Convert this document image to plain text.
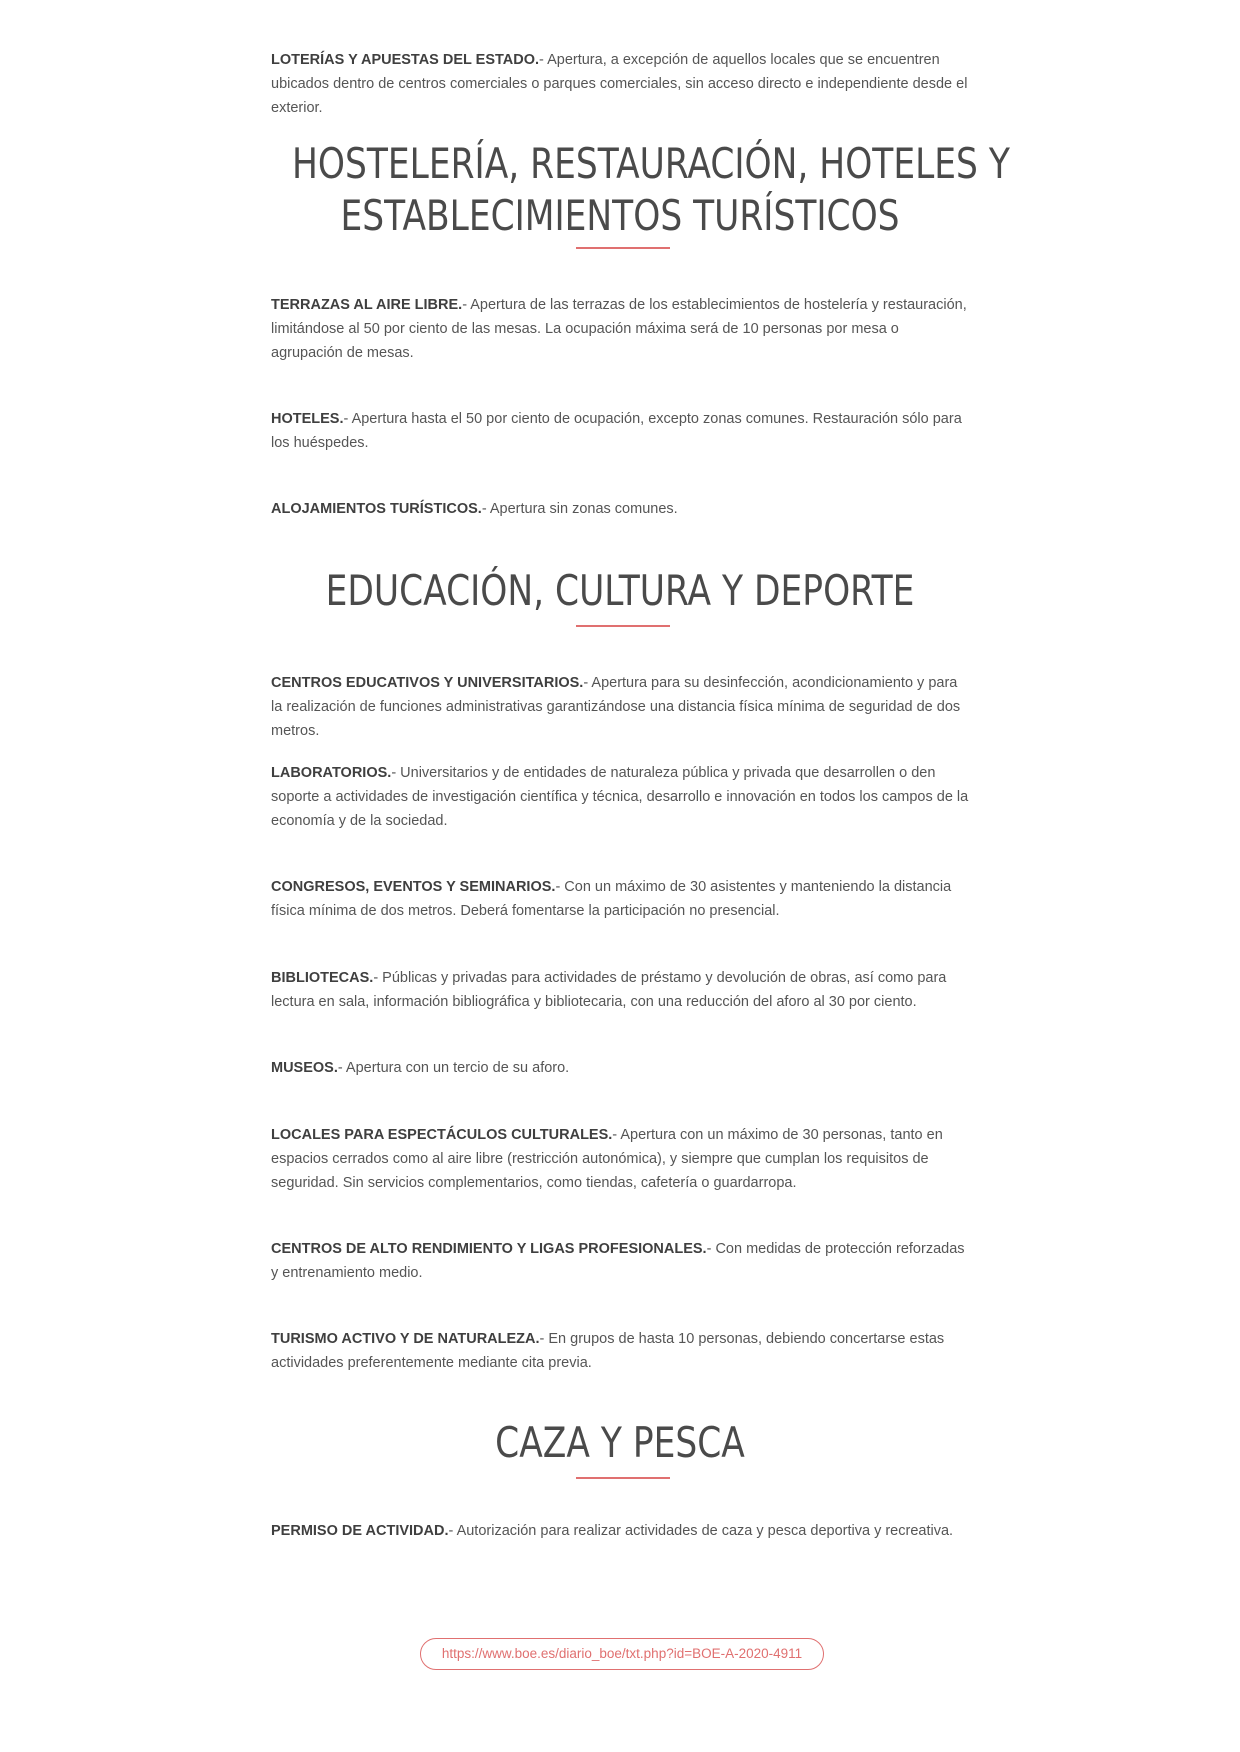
LOTERÍAS Y APUESTAS DEL ESTADO.- Apertura, a excepción de aquellos locales que se encuentren ubicados dentro de centros comerciales o parques comerciales, sin acceso directo e independiente desde el exterior.

HOSTELERÍA, RESTAURACIÓN, HOTELES Y
ESTABLECIMIENTOS TURÍSTICOS

TERRAZAS AL AIRE LIBRE.- Apertura de las terrazas de los establecimientos de hostelería y restauración, limitándose al 50 por ciento de las mesas. La ocupación máxima será de 10 personas por mesa o agrupación de mesas.

HOTELES.- Apertura hasta el 50 por ciento de ocupación, excepto zonas comunes. Restauración sólo para los huéspedes.

ALOJAMIENTOS TURÍSTICOS.- Apertura sin zonas comunes.

EDUCACIÓN, CULTURA Y DEPORTE

CENTROS EDUCATIVOS Y UNIVERSITARIOS.- Apertura para su desinfección, acondicionamiento y para la realización de funciones administrativas garantizándose una distancia física mínima de seguridad de dos metros.

LABORATORIOS.- Universitarios y de entidades de naturaleza pública y privada que desarrollen o den soporte a actividades de investigación científica y técnica, desarrollo e innovación en todos los campos de la economía y de la sociedad.

CONGRESOS, EVENTOS Y SEMINARIOS.- Con un máximo de 30 asistentes y manteniendo la distancia física mínima de dos metros. Deberá fomentarse la participación no presencial.

BIBLIOTECAS.- Públicas y privadas para actividades de préstamo y devolución de obras, así como para lectura en sala, información bibliográfica y bibliotecaria, con una reducción del aforo al 30 por ciento.

MUSEOS.- Apertura con un tercio de su aforo.

LOCALES PARA ESPECTÁCULOS CULTURALES.- Apertura con un máximo de 30 personas, tanto en espacios cerrados como al aire libre (restricción autonómica), y siempre que cumplan los requisitos de seguridad. Sin servicios complementarios, como tiendas, cafetería o guardarropa.

CENTROS DE ALTO RENDIMIENTO Y LIGAS PROFESIONALES.- Con medidas de protección reforzadas y entrenamiento medio.

TURISMO ACTIVO Y DE NATURALEZA.- En grupos de hasta 10 personas, debiendo concertarse estas actividades preferentemente mediante cita previa.

CAZA Y PESCA

PERMISO DE ACTIVIDAD.- Autorización para realizar actividades de caza y pesca deportiva y recreativa.

https://www.boe.es/diario_boe/txt.php?id=BOE-A-2020-4911
